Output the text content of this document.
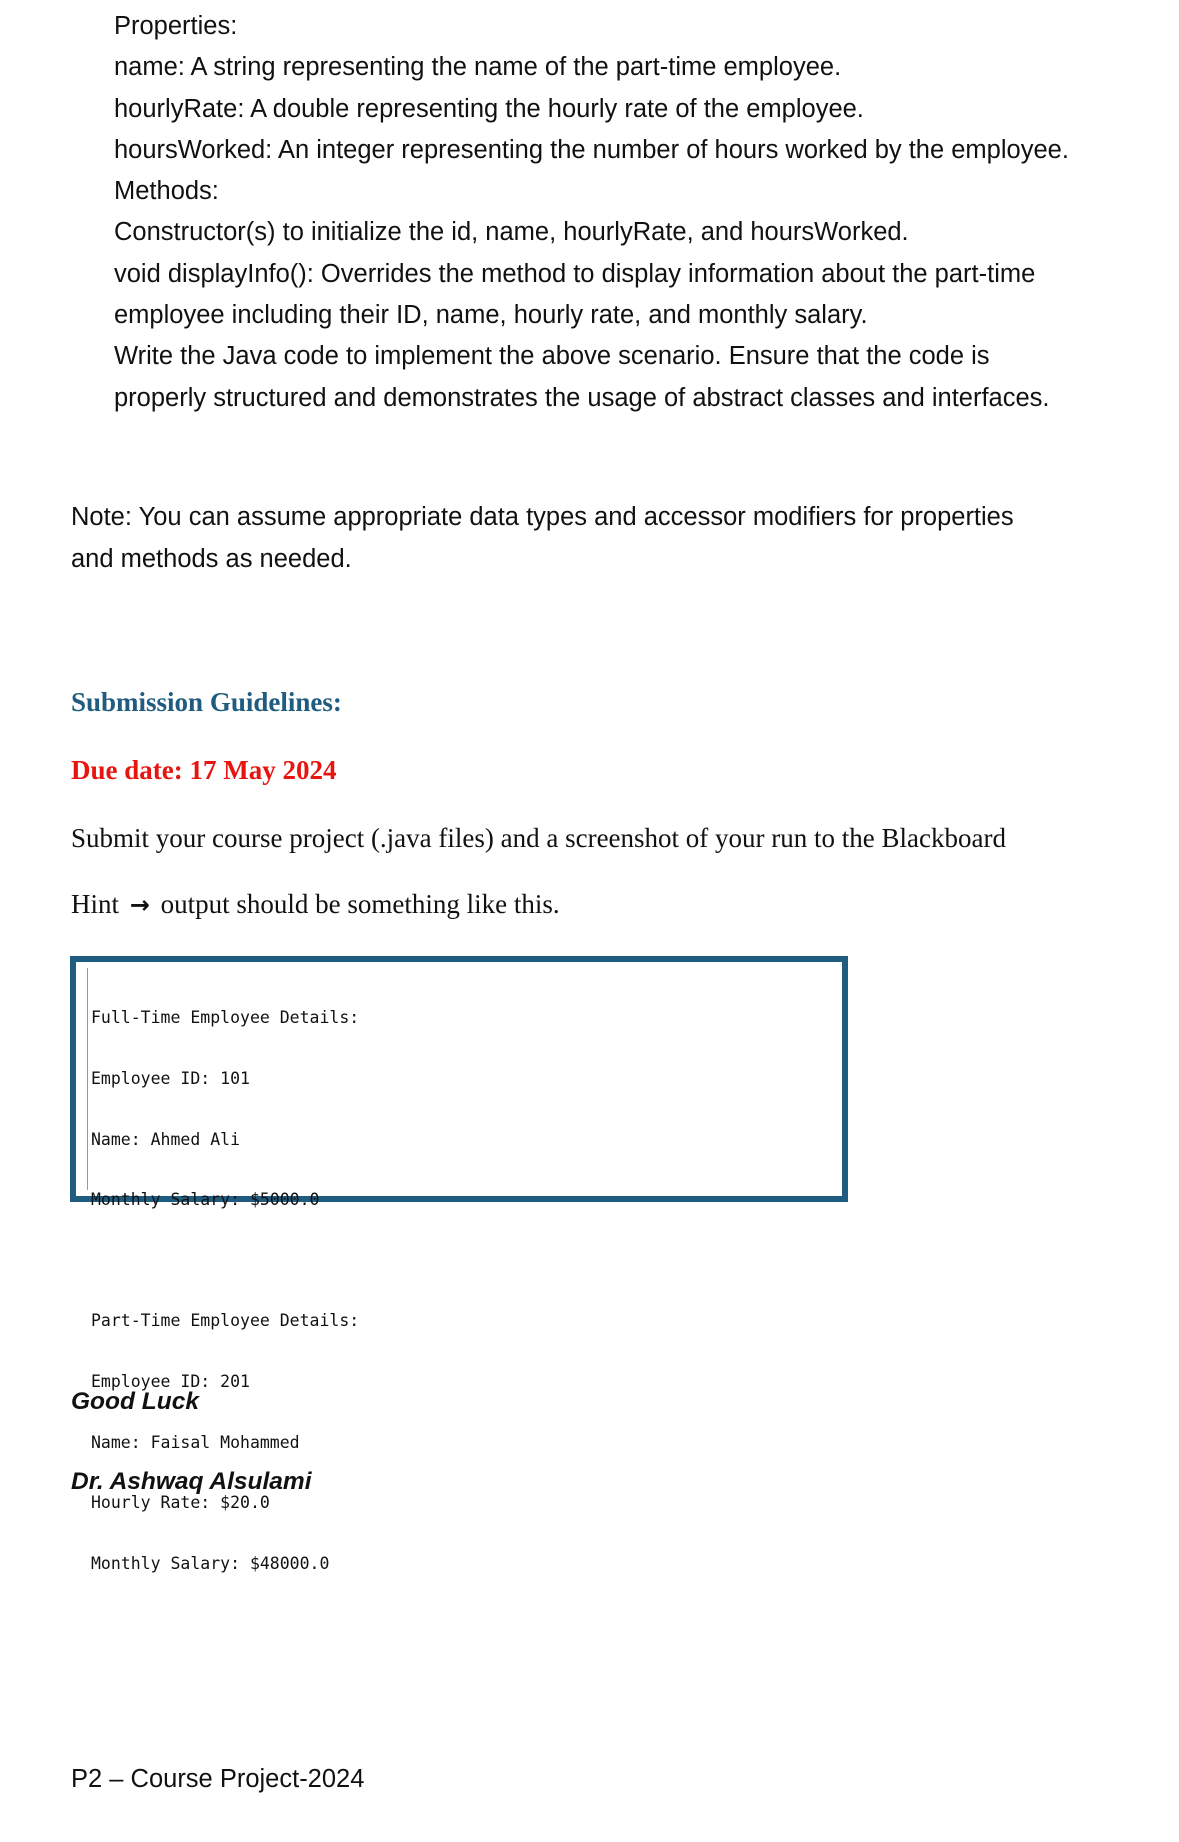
Properties:
name: A string representing the name of the part-time employee.
hourlyRate: A double representing the hourly rate of the employee.
hoursWorked: An integer representing the number of hours worked by the employee.
Methods:
Constructor(s) to initialize the id, name, hourlyRate, and hoursWorked.
void displayInfo(): Overrides the method to display information about the part-time
employee including their ID, name, hourly rate, and monthly salary.
Write the Java code to implement the above scenario. Ensure that the code is
properly structured and demonstrates the usage of abstract classes and interfaces.
Note: You can assume appropriate data types and accessor modifiers for properties
and methods as needed.
Submission Guidelines:
Due date: 17 May 2024
Submit your course project (.java files) and a screenshot of your run to the Blackboard
Hint → output should be something like this.

Full-Time Employee Details:

Employee ID: 101

Name: Ahmed Ali

Monthly Salary: $5000.0

Part-Time Employee Details:

Employee ID: 201

Name: Faisal Mohammed

Hourly Rate: $20.0

Monthly Salary: $48000.0

Good Luck
Dr. Ashwaq Alsulami
P2 – Course Project-2024
